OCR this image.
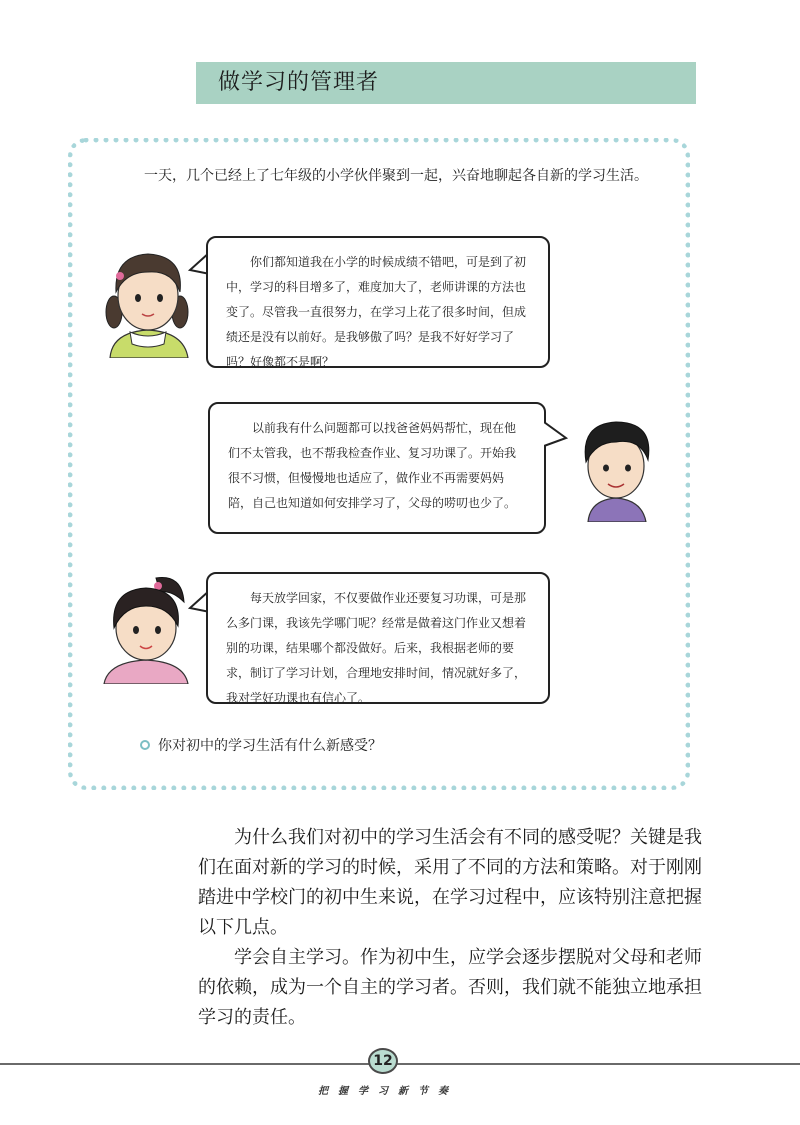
做学习的管理者
一天，几个已经上了七年级的小学伙伴聚到一起，兴奋地聊起各自新的学习生活。
你们都知道我在小学的时候成绩不错吧，可是到了初中，学习的科目增多了，难度加大了，老师讲课的方法也变了。尽管我一直很努力，在学习上花了很多时间，但成绩还是没有以前好。是我够傲了吗？是我不好好学习了吗？好像都不是啊？
以前我有什么问题都可以找爸爸妈妈帮忙，现在他们不太管我，也不帮我检查作业、复习功课了。开始我很不习惯，但慢慢地也适应了，做作业不再需要妈妈陪，自己也知道如何安排学习了，父母的唠叨也少了。
每天放学回家，不仅要做作业还要复习功课，可是那么多门课，我该先学哪门呢？经常是做着这门作业又想着别的功课，结果哪个都没做好。后来，我根据老师的要求，制订了学习计划，合理地安排时间，情况就好多了，我对学好功课也有信心了。
你对初中的学习生活有什么新感受？

为什么我们对初中的学习生活会有不同的感受呢？关键是我们在面对新的学习的时候，采用了不同的方法和策略。对于刚刚踏进中学校门的初中生来说，在学习过程中，应该特别注意把握以下几点。

学会自主学习。作为初中生，应学会逐步摆脱对父母和老师的依赖，成为一个自主的学习者。否则，我们就不能独立地承担学习的责任。

12
把握学习新节奏
